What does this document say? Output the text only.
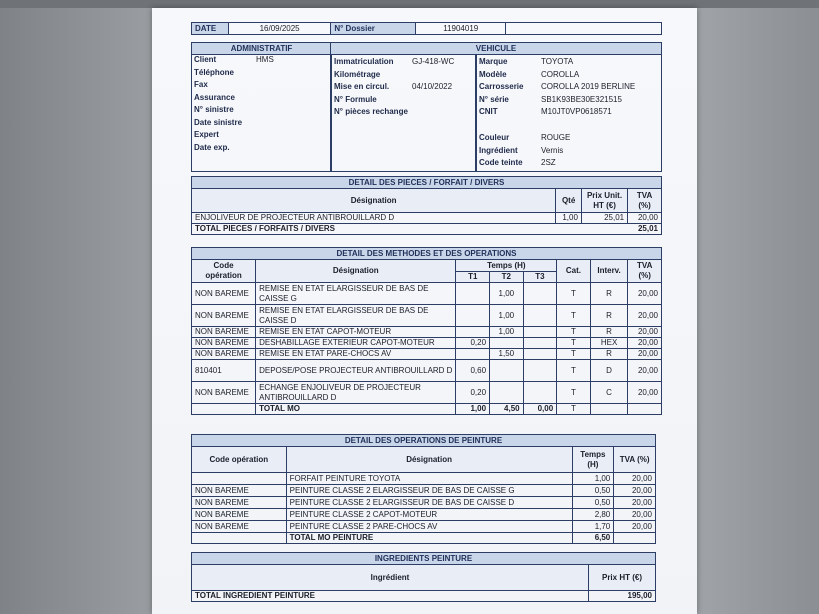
DATE	16/09/2025	N° Dossier	11904019	
ADMINISTRATIF	VEHICULE
Client	HMS
Téléphone
Fax
Assurance
N° sinistre
Date sinistre
Expert
Date exp.
Immatriculation GJ-418-WC
Kilométrage
Mise en circul.	04/10/2022
N° Formule
N° pièces rechange
Marque	TOYOTA
Modèle	COROLLA
Carrosserie COROLLA 2019 BERLINE
N° série	SB1K93BE30E321515
CNIT	M10JT0VP0618571
Couleur	ROUGE
Ingrédient	Vernis
Code teinte 2SZ
DETAIL DES PIECES / FORFAIT / DIVERS
Désignation	Qté	Prix Unit. HT (€)	TVA (%)
ENJOLIVEUR DE PROJECTEUR ANTIBROUILLARD D	1,00	25,01	20,00
TOTAL PIECES / FORFAITS / DIVERS			25,01
DETAIL DES METHODES ET DES OPERATIONS
Code opération	Désignation	Temps (H)			Cat.	Interv.	TVA (%)
		T1	T2	T3			
NON BAREME	REMISE EN ETAT ELARGISSEUR DE BAS DE CAISSE G		1,00		T	R	20,00
NON BAREME	REMISE EN ETAT ELARGISSEUR DE BAS DE CAISSE D		1,00		T	R	20,00
NON BAREME	REMISE EN ETAT CAPOT-MOTEUR		1,00		T	R	20,00
NON BAREME	DESHABILLAGE EXTERIEUR CAPOT-MOTEUR	0,20			T	HEX	20,00
NON BAREME	REMISE EN ETAT PARE-CHOCS AV		1,50		T	R	20,00
810401	DEPOSE/POSE PROJECTEUR ANTIBROUILLARD D	0,60			T	D	20,00
NON BAREME	ECHANGE ENJOLIVEUR DE PROJECTEUR ANTIBROUILLARD D	0,20			T	C	20,00
	TOTAL MO	1,00	4,50	0,00	T		
DETAIL DES OPERATIONS DE PEINTURE
Code opération	Désignation	Temps (H)	TVA (%)
	FORFAIT PEINTURE TOYOTA	1,00	20,00
NON BAREME	PEINTURE CLASSE 2 ELARGISSEUR DE BAS DE CAISSE G	0,50	20,00
NON BAREME	PEINTURE CLASSE 2 ELARGISSEUR DE BAS DE CAISSE D	0,50	20,00
NON BAREME	PEINTURE CLASSE 2 CAPOT-MOTEUR	2,80	20,00
NON BAREME	PEINTURE CLASSE 2 PARE-CHOCS AV	1,70	20,00
	TOTAL MO PEINTURE	6,50	
INGREDIENTS PEINTURE
Ingrédient	Prix HT (€)
TOTAL INGREDIENT PEINTURE	195,00
